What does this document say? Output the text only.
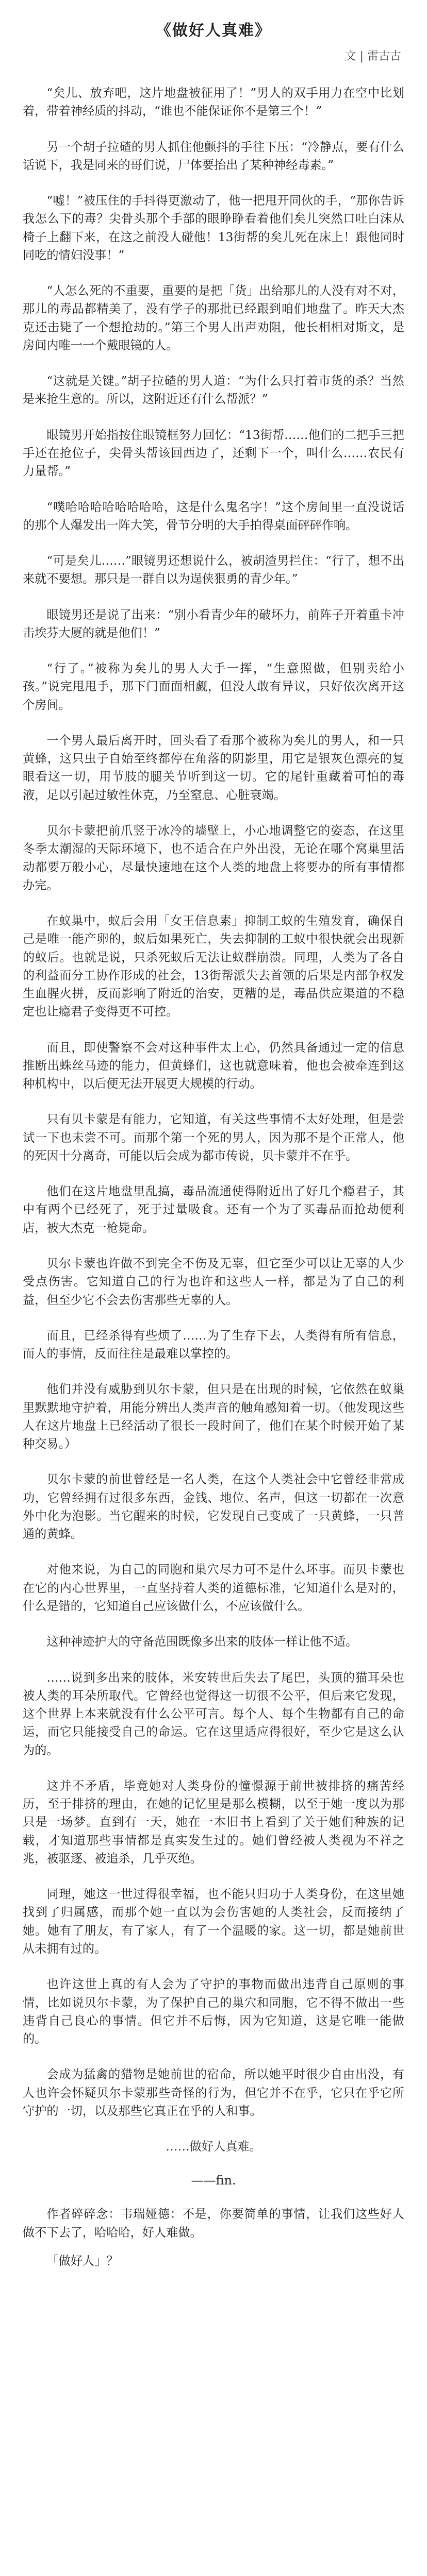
《做好人真难》
文 | 雷古古

“矣儿、放弃吧，这片地盘被征用了！”男人的双手用力在空中比划着，带着神经质的抖动，“谁也不能保证你不是第三个！”

另一个胡子拉碴的男人抓住他颤抖的手往下压：“冷静点，要有什么话说下，我是同来的哥们说，尸体要抬出了某种神经毒素。”

“嘘！”被压住的手抖得更激动了，他一把甩开同伙的手，“那你告诉我怎么下的毒？尖骨头那个手部的眼睁睁看着他们矣儿突然口吐白沫从椅子上翻下来，在这之前没人碰他！13街帮的矣儿死在床上！跟他同时同吃的情妇没事！”

“人怎么死的不重要，重要的是把「货」出给那儿的人没有对不对，那儿的毒品都精美了，没有学子的那批已经跟到咱们地盘了。昨天大杰克还击毙了一个想抢劫的。”第三个男人出声劝阻，他长相相对斯文，是房间内唯一一个戴眼镜的人。

“这就是关键。”胡子拉碴的男人道：“为什么只打着市货的杀？当然是来抢生意的。所以，这附近还有什么帮派？”

眼镜男开始指按住眼镜框努力回忆：“13街帮……他们的二把手三把手还在抢位子，尖骨头帮该回西边了，还剩下一个，叫什么……农民有力量帮。”

“噗哈哈哈哈哈哈哈哈，这是什么鬼名字！”这个房间里一直没说话的那个人爆发出一阵大笑，骨节分明的大手拍得桌面砰砰作响。

“可是矣儿……”眼镜男还想说什么，被胡渣男拦住：“行了，想不出来就不要想。那只是一群自以为逞侠狠勇的青少年。”

眼镜男还是说了出来：“别小看青少年的破坏力，前阵子开着重卡冲击埃芬大厦的就是他们！”

“行了。”被称为矣儿的男人大手一挥，“生意照做，但别卖给小孩。”说完甩甩手，那下门面面相觑，但没人敢有异议，只好依次离开这个房间。

一个男人最后离开时，回头看了看那个被称为矣儿的男人，和一只黄蜂，这只虫子自始至终都停在角落的阴影里，用它是银灰色漂亮的复眼看这一切，用节肢的腿关节听到这一切。它的尾针重藏着可怕的毒液，足以引起过敏性休克，乃至窒息、心脏衰竭。

贝尔卡蒙把前爪竖于冰冷的墙壁上，小心地调整它的姿态，在这里冬季太潮湿的天际环境下，也不适合在户外出没，无论在哪个窝巢里活动都要万般小心，尽量快速地在这个人类的地盘上将要办的所有事情都办完。

在蚁巢中，蚁后会用「女王信息素」抑制工蚁的生殖发育，确保自己是唯一能产卵的，蚁后如果死亡，失去抑制的工蚁中很快就会出现新的蚁后。也就是说，只杀死蚁后无法让蚁群崩溃。同理，人类为了各自的利益而分工协作形成的社会，13街帮派失去首领的后果是内部争权发生血腥火拼，反而影响了附近的治安，更糟的是，毒品供应渠道的不稳定也让瘾君子变得更不可控。

而且，即使警察不会对这种事件太上心，仍然具备通过一定的信息推断出蛛丝马迹的能力，但黄蜂们，这也就意味着，他也会被牵连到这种机构中，以后便无法开展更大规模的行动。

只有贝卡蒙是有能力，它知道，有关这些事情不太好处理，但是尝试一下也未尝不可。而那个第一个死的男人，因为那不是个正常人，他的死因十分离奇，可能以后会成为都市传说，贝卡蒙并不在乎。

他们在这片地盘里乱搞，毒品流通使得附近出了好几个瘾君子，其中有两个已经死了，死于过量吸食。还有一个为了买毒品而抢劫便利店，被大杰克一枪毙命。

贝尔卡蒙也许做不到完全不伤及无辜，但它至少可以让无辜的人少受点伤害。它知道自己的行为也许和这些人一样，都是为了自己的利益，但至少它不会去伤害那些无辜的人。

而且，已经杀得有些烦了……为了生存下去，人类得有所有信息，而人的事情，反而往往是最难以掌控的。

他们并没有威胁到贝尔卡蒙，但只是在出现的时候，它依然在蚁巢里默默地守护着，用能分辨出人类声音的触角感知着一切。（他发现这些人在这片地盘上已经活动了很长一段时间了，他们在某个时候开始了某种交易。）

贝尔卡蒙的前世曾经是一名人类，在这个人类社会中它曾经非常成功，它曾经拥有过很多东西，金钱、地位、名声，但这一切都在一次意外中化为泡影。当它醒来的时候，它发现自己变成了一只黄蜂，一只普通的黄蜂。

对他来说，为自己的同胞和巢穴尽力可不是什么坏事。而贝卡蒙也在它的内心世界里，一直坚持着人类的道德标准，它知道什么是对的，什么是错的，它知道自己应该做什么，不应该做什么。

这种神迹护大的守备范围既像多出来的肢体一样让他不适。

……说到多出来的肢体，米安转世后失去了尾巴，头顶的猫耳朵也被人类的耳朵所取代。它曾经也觉得这一切很不公平，但后来它发现，这个世界上本来就没有什么公平可言。每个人、每个生物都有自己的命运，而它只能接受自己的命运。它在这里适应得很好，至少它是这么认为的。

这并不矛盾，毕竟她对人类身份的憧憬源于前世被排挤的痛苦经历，至于排挤的理由，在她的记忆里是那么模糊，以至于她一度以为那只是一场梦。直到有一天，她在一本旧书上看到了关于她们种族的记载，才知道那些事情都是真实发生过的。她们曾经被人类视为不祥之兆，被驱逐、被追杀，几乎灭绝。

同理，她这一世过得很幸福，也不能只归功于人类身份，在这里她找到了归属感，而那个她一直以为会伤害她的人类社会，反而接纳了她。她有了朋友，有了家人，有了一个温暖的家。这一切，都是她前世从未拥有过的。

也许这世上真的有人会为了守护的事物而做出违背自己原则的事情，比如说贝尔卡蒙，为了保护自己的巢穴和同胞，它不得不做出一些违背自己良心的事情。但它并不后悔，因为它知道，这是它唯一能做的。

会成为猛禽的猎物是她前世的宿命，所以她平时很少自由出没，有人也许会怀疑贝尔卡蒙那些奇怪的行为，但它并不在乎，它只在乎它所守护的一切，以及那些它真正在乎的人和事。

……做好人真难。

——fin.

作者碎碎念：韦瑞娅德：不是，你要简单的事情，让我们这些好人做不下去了，哈哈哈，好人难做。

「做好人」？
